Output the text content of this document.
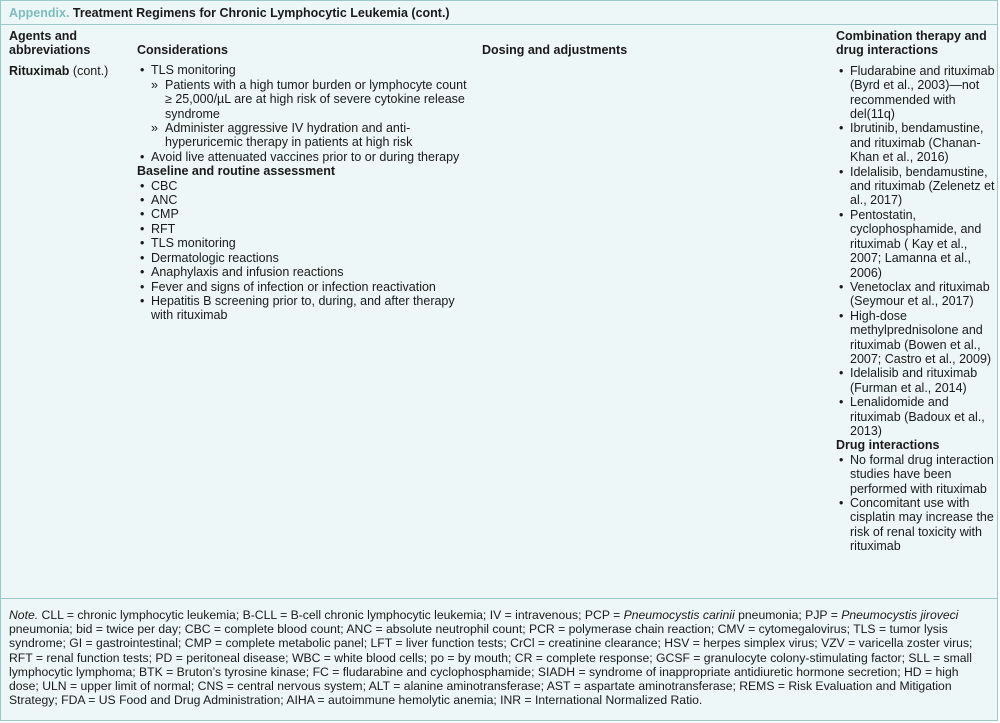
Appendix. Treatment Regimens for Chronic Lymphocytic Leukemia (cont.)
Agents and abbreviations
Rituximab (cont.)
Considerations
• TLS monitoring
» Patients with a high tumor burden or lymphocyte count ≥ 25,000/µL are at high risk of severe cytokine release syndrome
» Administer aggressive IV hydration and anti-hyperuricemic therapy in patients at high risk
• Avoid live attenuated vaccines prior to or during therapy
Baseline and routine assessment
• CBC
• ANC
• CMP
• RFT
• TLS monitoring
• Dermatologic reactions
• Anaphylaxis and infusion reactions
• Fever and signs of infection or infection reactivation
• Hepatitis B screening prior to, during, and after therapy with rituximab
Dosing and adjustments
Combination therapy and drug interactions
• Fludarabine and rituximab (Byrd et al., 2003)—not recommended with del(11q)
• Ibrutinib, bendamustine, and rituximab (Chanan-Khan et al., 2016)
• Idelalisib, bendamustine, and rituximab (Zelenetz et al., 2017)
• Pentostatin, cyclophosphamide, and rituximab ( Kay et al., 2007; Lamanna et al., 2006)
• Venetoclax and rituximab (Seymour et al., 2017)
• High-dose methylprednisolone and rituximab (Bowen et al., 2007; Castro et al., 2009)
• Idelalisib and rituximab (Furman et al., 2014)
• Lenalidomide and rituximab (Badoux et al., 2013)
Drug interactions
• No formal drug interaction studies have been performed with rituximab
• Concomitant use with cisplatin may increase the risk of renal toxicity with rituximab
Note. CLL = chronic lymphocytic leukemia; B-CLL = B-cell chronic lymphocytic leukemia; IV = intravenous; PCP = Pneumocystis carinii pneumonia; PJP = Pneumocystis jiroveci pneumonia; bid = twice per day; CBC = complete blood count; ANC = absolute neutrophil count; PCR = polymerase chain reaction; CMV = cytomegalovirus; TLS = tumor lysis syndrome; GI = gastrointestinal; CMP = complete metabolic panel; LFT = liver function tests; CrCl = creatinine clearance; HSV = herpes simplex virus; VZV = varicella zoster virus; RFT = renal function tests; PD = peritoneal disease; WBC = white blood cells; po = by mouth; CR = complete response; GCSF = granulocyte colony-stimulating factor; SLL = small lymphocytic lymphoma; BTK = Bruton’s tyrosine kinase; FC = fludarabine and cyclophosphamide; SIADH = syndrome of inappropriate antidiuretic hormone secretion; HD = high dose; ULN = upper limit of normal; CNS = central nervous system; ALT = alanine aminotransferase; AST = aspartate aminotransferase; REMS = Risk Evaluation and Mitigation Strategy; FDA = US Food and Drug Administration; AIHA = autoimmune hemolytic anemia; INR = International Normalized Ratio.
